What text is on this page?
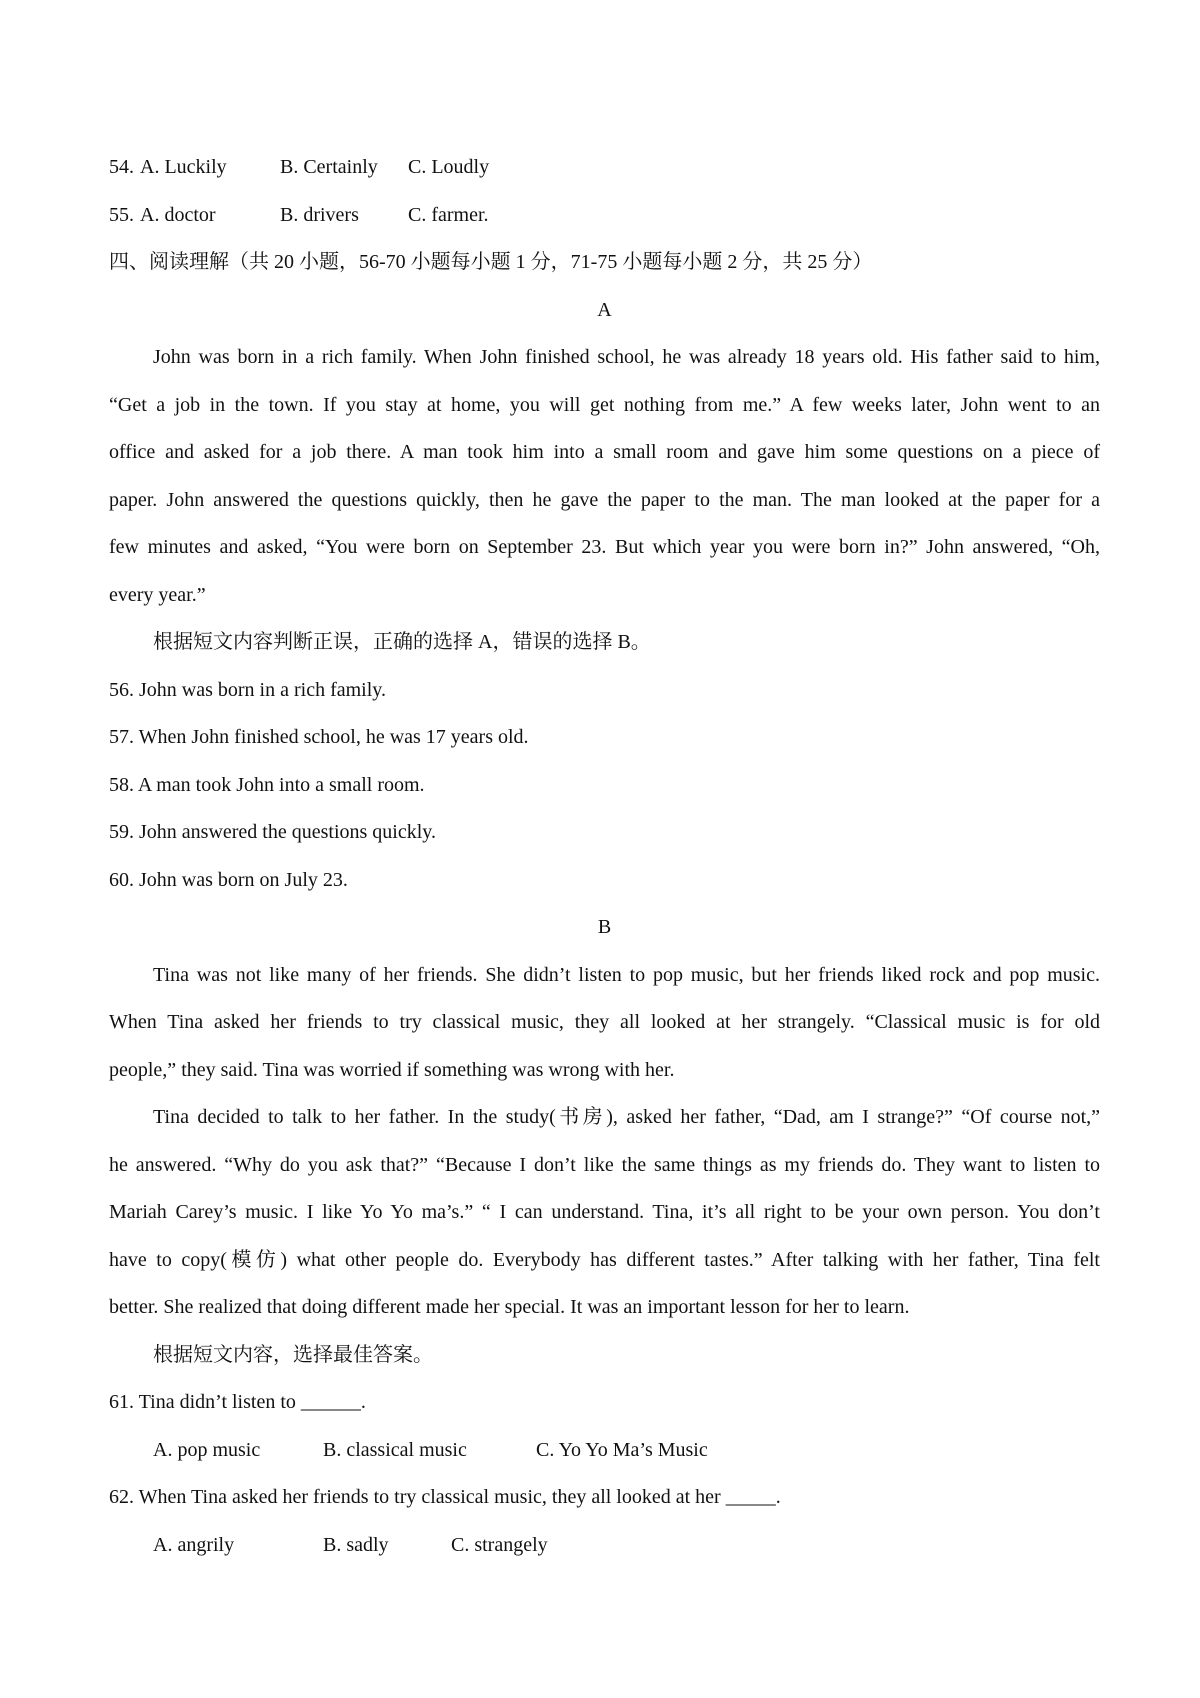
54. A. Luckily	B. Certainly C. Loudly
55. A. doctor	B. drivers C. farmer.
四、阅读理解（共 20 小题，56-70 小题每小题 1 分，71-75 小题每小题 2 分，共 25 分）
A
John was born in a rich family. When John finished school, he was already 18 years old. His father said to him,
“Get a job in the town. If you stay at home, you will get nothing from me.” A few weeks later, John went to an
office and asked for a job there. A man took him into a small room and gave him some questions on a piece of
paper. John answered the questions quickly, then he gave the paper to the man. The man looked at the paper for a
few minutes and asked, “You were born on September 23. But which year you were born in?” John answered, “Oh,
every year.”
根据短文内容判断正误，正确的选择 A，错误的选择 B。
56. John was born in a rich family.
57. When John finished school, he was 17 years old.
58. A man took John into a small room.
59. John answered the questions quickly.
60. John was born on July 23.
B
Tina was not like many of her friends. She didn’t listen to pop music, but her friends liked rock and pop music.
When Tina asked her friends to try classical music, they all looked at her strangely. “Classical music is for old
people,” they said. Tina was worried if something was wrong with her.
Tina decided to talk to her father. In the study(书房), asked her father, “Dad, am I strange?” “Of course not,”
he answered. “Why do you ask that?” “Because I don’t like the same things as my friends do. They want to listen to
Mariah Carey’s music. I like Yo Yo ma’s.” “ I can understand. Tina, it’s all right to be your own person. You don’t
have to copy(模仿) what other people do. Everybody has different tastes.” After talking with her father, Tina felt
better. She realized that doing different made her special. It was an important lesson for her to learn.
根据短文内容，选择最佳答案。
61. Tina didn’t listen to ______.
A. pop music	B. classical music	C. Yo Yo Ma’s Music
62. When Tina asked her friends to try classical music, they all looked at her _____.
A. angrily	B. sadly	C. strangely
